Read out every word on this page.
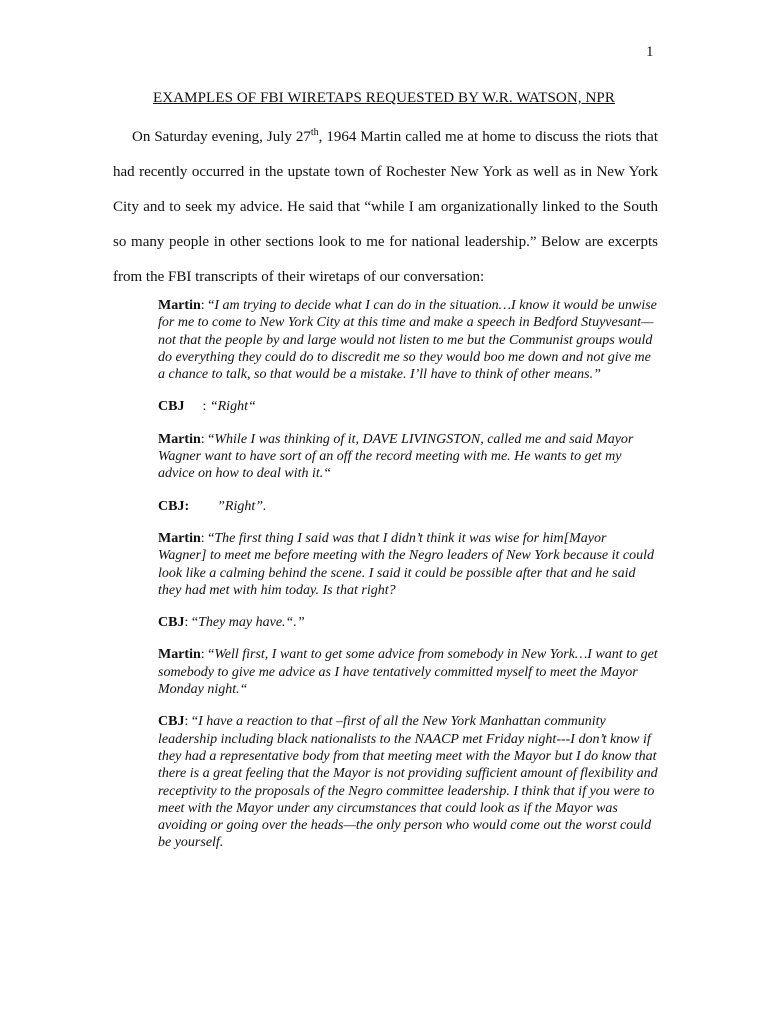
1
EXAMPLES OF FBI WIRETAPS REQUESTED BY W.R. WATSON, NPR

On Saturday evening, July 27th, 1964 Martin called me at home to discuss the riots that had recently occurred in the upstate town of Rochester New York as well as in New York City and to seek my advice. He said that “while I am organizationally linked to the South so many people in other sections look to me for national leadership.” Below are excerpts from the FBI transcripts of their wiretaps of our conversation:

Martin: “I am trying to decide what I can do in the situation…I know it would be unwise for me to come to New York City at this time and make a speech in Bedford Stuyvesant—not that the people by and large would not listen to me but the Communist groups would do everything they could do to discredit me so they would boo me down and not give me a chance to talk, so that would be a mistake. I’ll have to think of other means.”

CBJ : “Right“

Martin: “While I was thinking of it, DAVE LIVINGSTON, called me and said Mayor Wagner want to have sort of an off the record meeting with me. He wants to get my advice on how to deal with it.“

CBJ: ”Right”.

Martin: “The first thing I said was that I didn’t think it was wise for him[Mayor Wagner] to meet me before meeting with the Negro leaders of New York because it could look like a calming behind the scene. I said it could be possible after that and he said they had met with him today. Is that right?

CBJ: “They may have.“.”

Martin: “Well first, I want to get some advice from somebody in New York…I want to get somebody to give me advice as I have tentatively committed myself to meet the Mayor Monday night.“

CBJ: “I have a reaction to that –first of all the New York Manhattan community leadership including black nationalists to the NAACP met Friday night---I don’t know if they had a representative body from that meeting meet with the Mayor but I do know that there is a great feeling that the Mayor is not providing sufficient amount of flexibility and receptivity to the proposals of the Negro committee leadership. I think that if you were to meet with the Mayor under any circumstances that could look as if the Mayor was avoiding or going over the heads—the only person who would come out the worst could be yourself.
